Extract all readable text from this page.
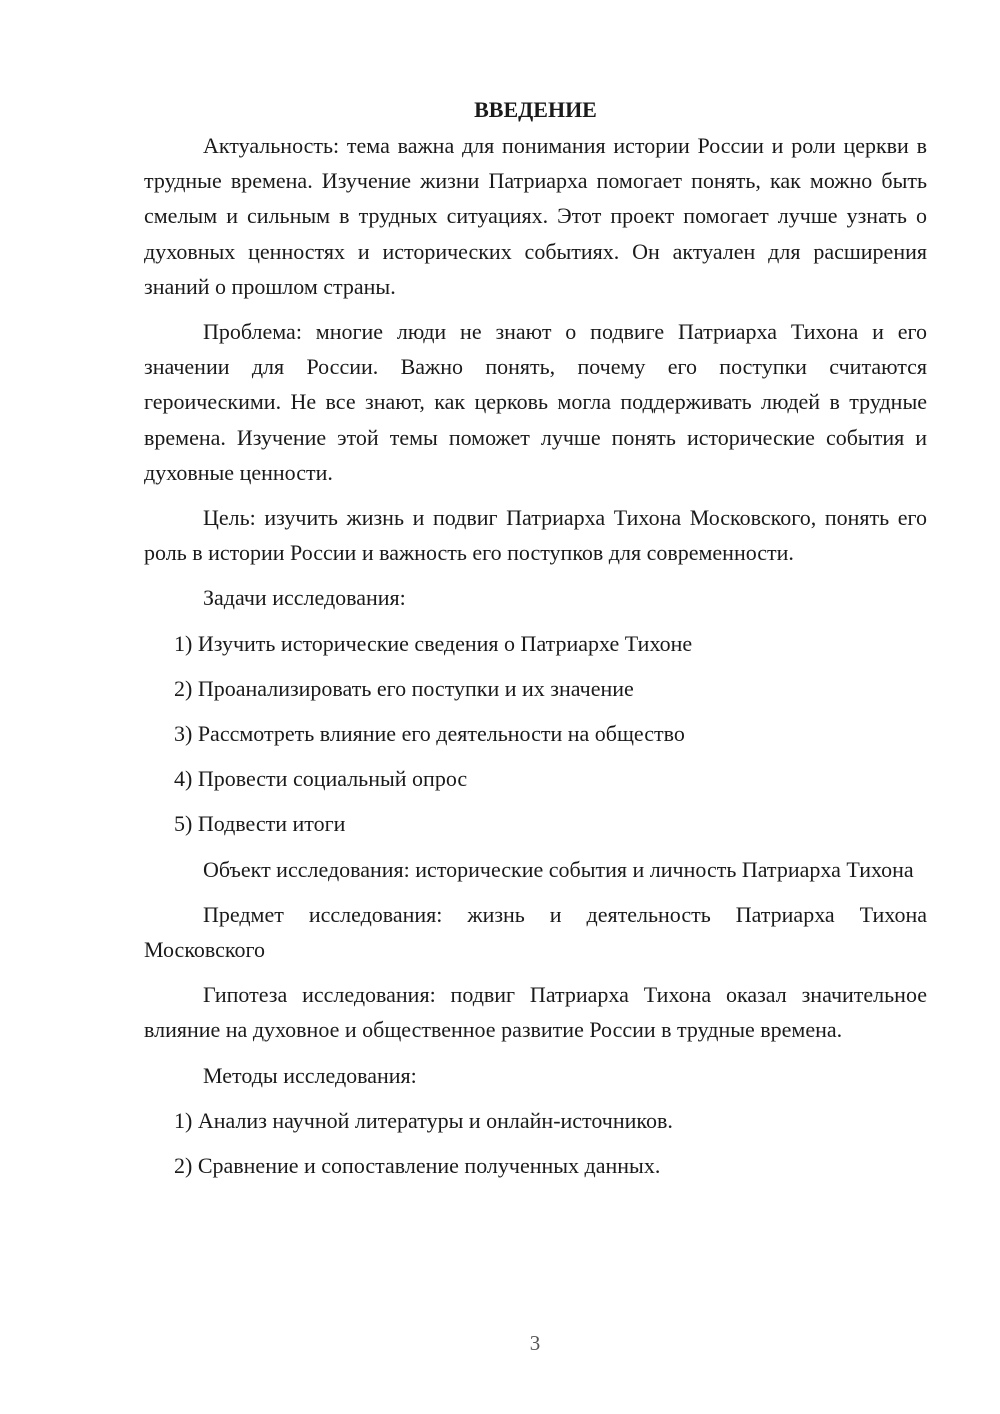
ВВЕДЕНИЕ

Актуальность: тема важна для понимания истории России и роли церкви в трудные времена. Изучение жизни Патриарха помогает понять, как можно быть смелым и сильным в трудных ситуациях. Этот проект помогает лучше узнать о духовных ценностях и исторических событиях. Он актуален для расширения знаний о прошлом страны.

Проблема: многие люди не знают о подвиге Патриарха Тихона и его значении для России. Важно понять, почему его поступки считаются героическими. Не все знают, как церковь могла поддерживать людей в трудные времена. Изучение этой темы поможет лучше понять исторические события и духовные ценности.

Цель: изучить жизнь и подвиг Патриарха Тихона Московского, понять его роль в истории России и важность его поступков для современности.

Задачи исследования:

1) Изучить исторические сведения о Патриархе Тихоне

2) Проанализировать его поступки и их значение

3) Рассмотреть влияние его деятельности на общество

4) Провести социальный опрос

5) Подвести итоги

Объект исследования: исторические события и личность Патриарха Тихона

Предмет исследования: жизнь и деятельность Патриарха Тихона Московского

Гипотеза исследования: подвиг Патриарха Тихона оказал значительное влияние на духовное и общественное развитие России в трудные времена.

Методы исследования:

1) Анализ научной литературы и онлайн-источников.

2) Сравнение и сопоставление полученных данных.

3
